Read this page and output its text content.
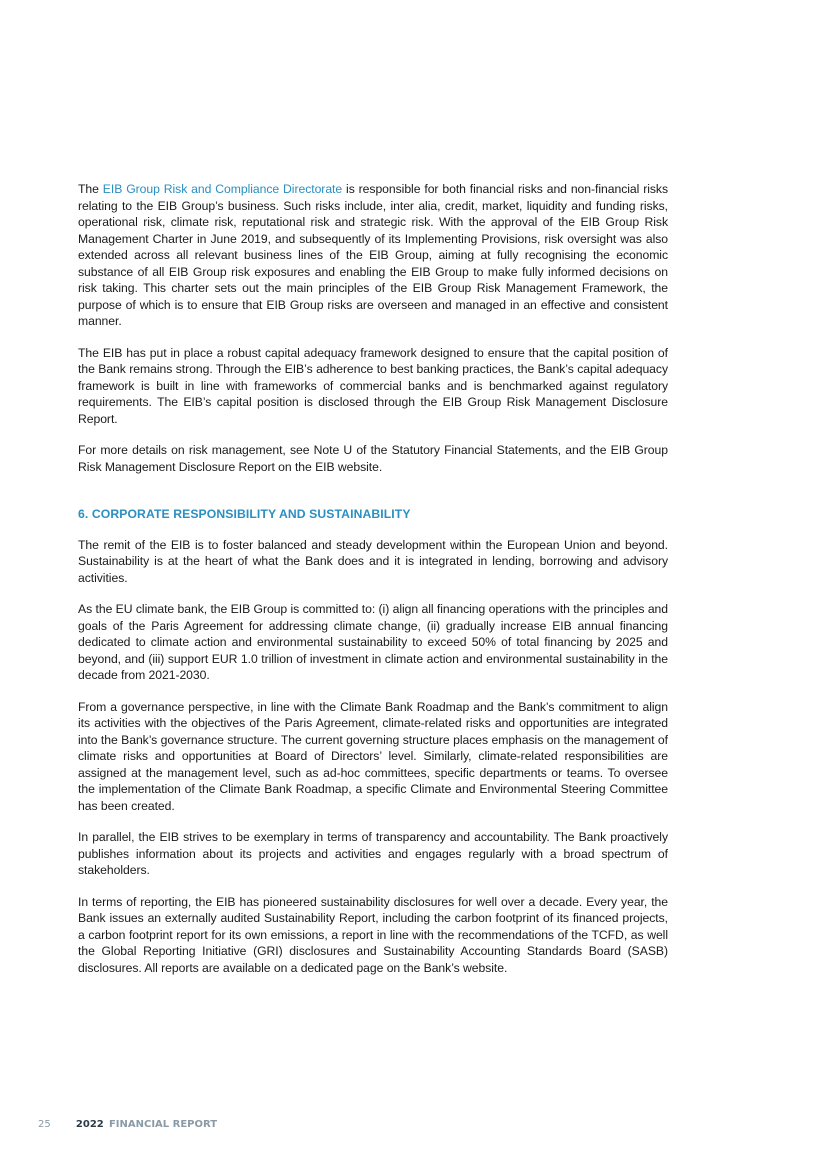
The EIB Group Risk and Compliance Directorate is responsible for both financial risks and non-financial risks relating to the EIB Group’s business. Such risks include, inter alia, credit, market, liquidity and funding risks, operational risk, climate risk, reputational risk and strategic risk. With the approval of the EIB Group Risk Management Charter in June 2019, and subsequently of its Implementing Provisions, risk oversight was also extended across all relevant business lines of the EIB Group, aiming at fully recognising the economic substance of all EIB Group risk exposures and enabling the EIB Group to make fully informed decisions on risk taking. This charter sets out the main principles of the EIB Group Risk Management Framework, the purpose of which is to ensure that EIB Group risks are overseen and managed in an effective and consistent manner.

The EIB has put in place a robust capital adequacy framework designed to ensure that the capital position of the Bank remains strong. Through the EIB’s adherence to best banking practices, the Bank’s capital adequacy framework is built in line with frameworks of commercial banks and is benchmarked against regulatory requirements. The EIB’s capital position is disclosed through the EIB Group Risk Management Disclosure Report.

For more details on risk management, see Note U of the Statutory Financial Statements, and the EIB Group Risk Management Disclosure Report on the EIB website.

6. CORPORATE RESPONSIBILITY AND SUSTAINABILITY

The remit of the EIB is to foster balanced and steady development within the European Union and beyond. Sustainability is at the heart of what the Bank does and it is integrated in lending, borrowing and advisory activities.

As the EU climate bank, the EIB Group is committed to: (i) align all financing operations with the principles and goals of the Paris Agreement for addressing climate change, (ii) gradually increase EIB annual financing dedicated to climate action and environmental sustainability to exceed 50% of total financing by 2025 and beyond, and (iii) support EUR 1.0 trillion of investment in climate action and environmental sustainability in the decade from 2021-2030.

From a governance perspective, in line with the Climate Bank Roadmap and the Bank’s commitment to align its activities with the objectives of the Paris Agreement, climate-related risks and opportunities are integrated into the Bank’s governance structure. The current governing structure places emphasis on the management of climate risks and opportunities at Board of Directors’ level. Similarly, climate-related responsibilities are assigned at the management level, such as ad-hoc committees, specific departments or teams. To oversee the implementation of the Climate Bank Roadmap, a specific Climate and Environmental Steering Committee has been created.

In parallel, the EIB strives to be exemplary in terms of transparency and accountability. The Bank proactively publishes information about its projects and activities and engages regularly with a broad spectrum of stakeholders.

In terms of reporting, the EIB has pioneered sustainability disclosures for well over a decade. Every year, the Bank issues an externally audited Sustainability Report, including the carbon footprint of its financed projects, a carbon footprint report for its own emissions, a report in line with the recommendations of the TCFD, as well the Global Reporting Initiative (GRI) disclosures and Sustainability Accounting Standards Board (SASB) disclosures. All reports are available on a dedicated page on the Bank’s website.

25	2022 FINANCIAL REPORT
